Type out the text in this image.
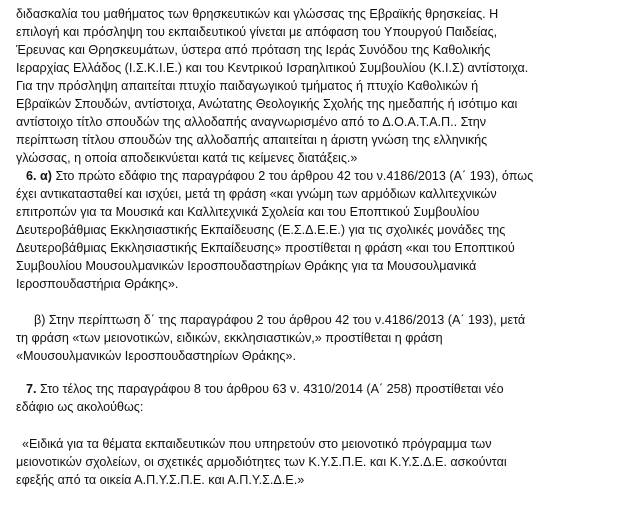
διδασκαλία του μαθήματος των θρησκευτικών και γλώσσας της Εβραϊκής θρησκείας. Η
επιλογή και πρόσληψη του εκπαιδευτικού γίνεται με απόφαση του Υπουργού Παιδείας,
Έρευνας και Θρησκευμάτων, ύστερα από πρόταση της Ιεράς Συνόδου της Καθολικής
Ιεραρχίας Ελλάδος (Ι.Σ.Κ.Ι.Ε.) και του Κεντρικού Ισραηλιτικού Συμβουλίου (Κ.Ι.Σ) αντίστοιχα.
Για την πρόσληψη απαιτείται πτυχίο παιδαγωγικού τμήματος ή πτυχίο Καθολικών ή
Εβραϊκών Σπουδών, αντίστοιχα, Ανώτατης Θεολογικής Σχολής της ημεδαπής ή ισότιμο και
αντίστοιχο τίτλο σπουδών της αλλοδαπής αναγνωρισμένο από το Δ.Ο.Α.Τ.Α.Π.. Στην
περίπτωση τίτλου σπουδών της αλλοδαπής απαιτείται η άριστη γνώση της ελληνικής
γλώσσας, η οποία αποδεικνύεται κατά τις κείμενες διατάξεις.»
6. α) Στο πρώτο εδάφιο της παραγράφου 2 του άρθρου 42 του ν.4186/2013 (Α΄ 193), όπως
έχει αντικατασταθεί και ισχύει, μετά τη φράση «και γνώμη των αρμόδιων καλλιτεχνικών
επιτροπών για τα Μουσικά και Καλλιτεχνικά Σχολεία και του Εποπτικού Συμβουλίου
Δευτεροβάθμιας Εκκλησιαστικής Εκπαίδευσης (Ε.Σ.Δ.Ε.Ε.) για τις σχολικές μονάδες της
Δευτεροβάθμιας Εκκλησιαστικής Εκπαίδευσης» προστίθεται η φράση «και του Εποπτικού
Συμβουλίου Μουσουλμανικών Ιεροσπουδαστηρίων Θράκης για τα Μουσουλμανικά
Ιεροσπουδαστήρια Θράκης».
β) Στην περίπτωση δ΄ της παραγράφου 2 του άρθρου 42 του ν.4186/2013 (Α΄ 193), μετά
τη φράση «των μειονοτικών, ειδικών, εκκλησιαστικών,» προστίθεται η φράση
«Μουσουλμανικών Ιεροσπουδαστηρίων Θράκης».
7. Στο τέλος της παραγράφου 8 του άρθρου 63 ν. 4310/2014 (Α΄ 258) προστίθεται νέο
εδάφιο ως ακολούθως:
«Ειδικά για τα θέματα εκπαιδευτικών που υπηρετούν στο μειονοτικό πρόγραμμα των
μειονοτικών σχολείων, οι σχετικές αρμοδιότητες των Κ.Υ.Σ.Π.Ε. και Κ.Υ.Σ.Δ.Ε. ασκούνται
εφεξής από τα οικεία Α.Π.Υ.Σ.Π.Ε. και Α.Π.Υ.Σ.Δ.Ε.»
